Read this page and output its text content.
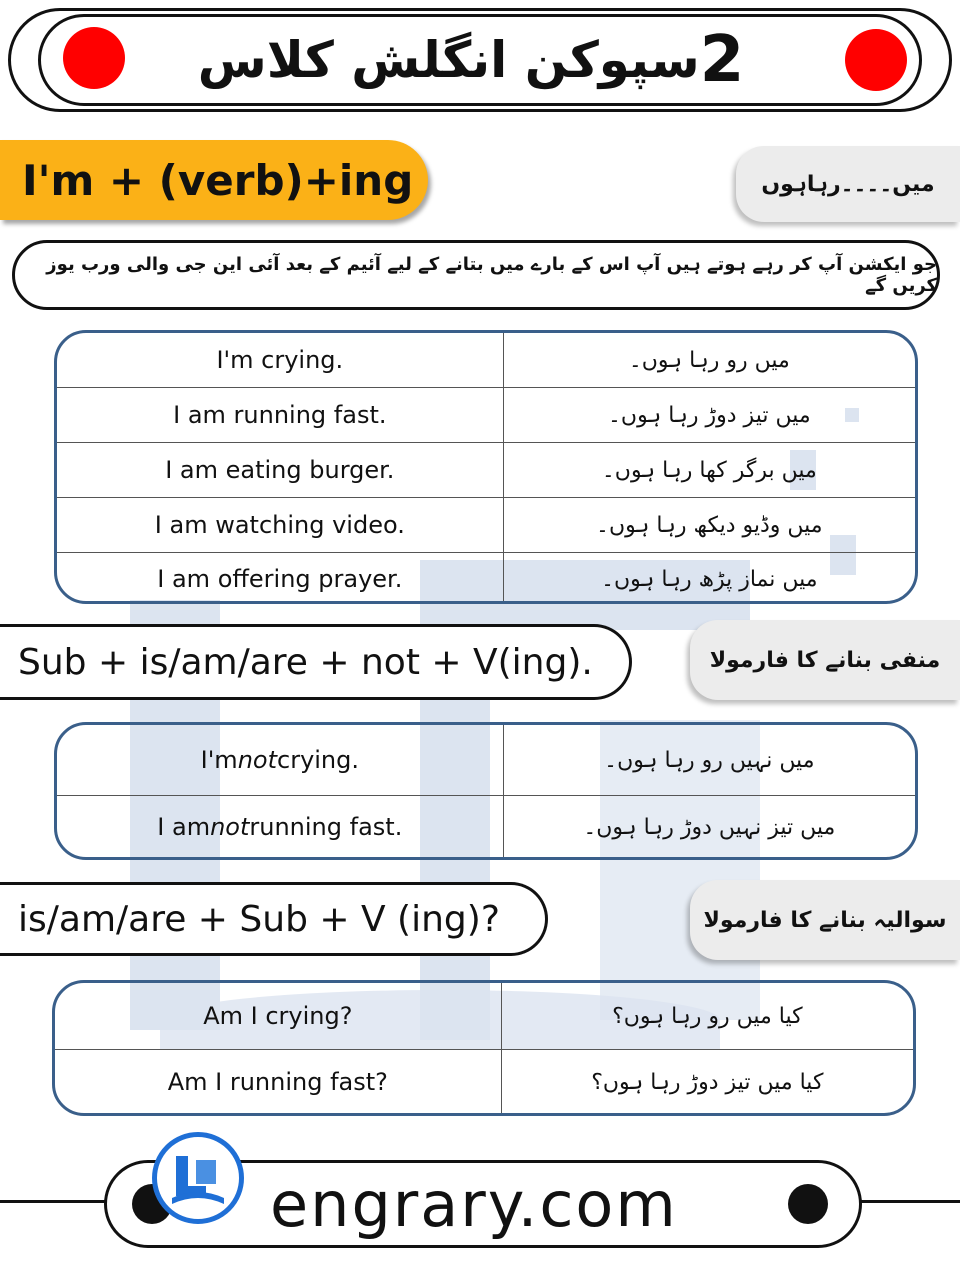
سپوکن انگلش کلاس 2
I'm + (verb)+ing	میں۔۔۔۔رہاہوں
جو ایکشن آپ کر رہے ہوتے ہیں آپ اس کے بارے میں بتانے کے لیے آئیم کے بعد آئی این جی والی ورب یوز کریں گے
I'm crying.	میں رو رہا ہوں۔
I am running fast.	میں تیز دوڑ رہا ہوں۔
I am eating burger.	میں برگر کھا رہا ہوں۔
I am watching video.	میں وڈیو دیکھ رہا ہوں۔
I am offering prayer.	میں نماز پڑھ رہا ہوں۔
Sub + is/am/are + not + V(ing).	منفی بنانے کا فارمولا
I'm not crying.	میں نہیں رو رہا ہوں۔
I am not running fast.	میں تیز نہیں دوڑ رہا ہوں۔
is/am/are + Sub + V (ing)?	سوالیہ بنانے کا فارمولا
Am I crying?	کیا میں رو رہا ہوں؟
Am I running fast?	کیا میں تیز دوڑ رہا ہوں؟
engrary.com
